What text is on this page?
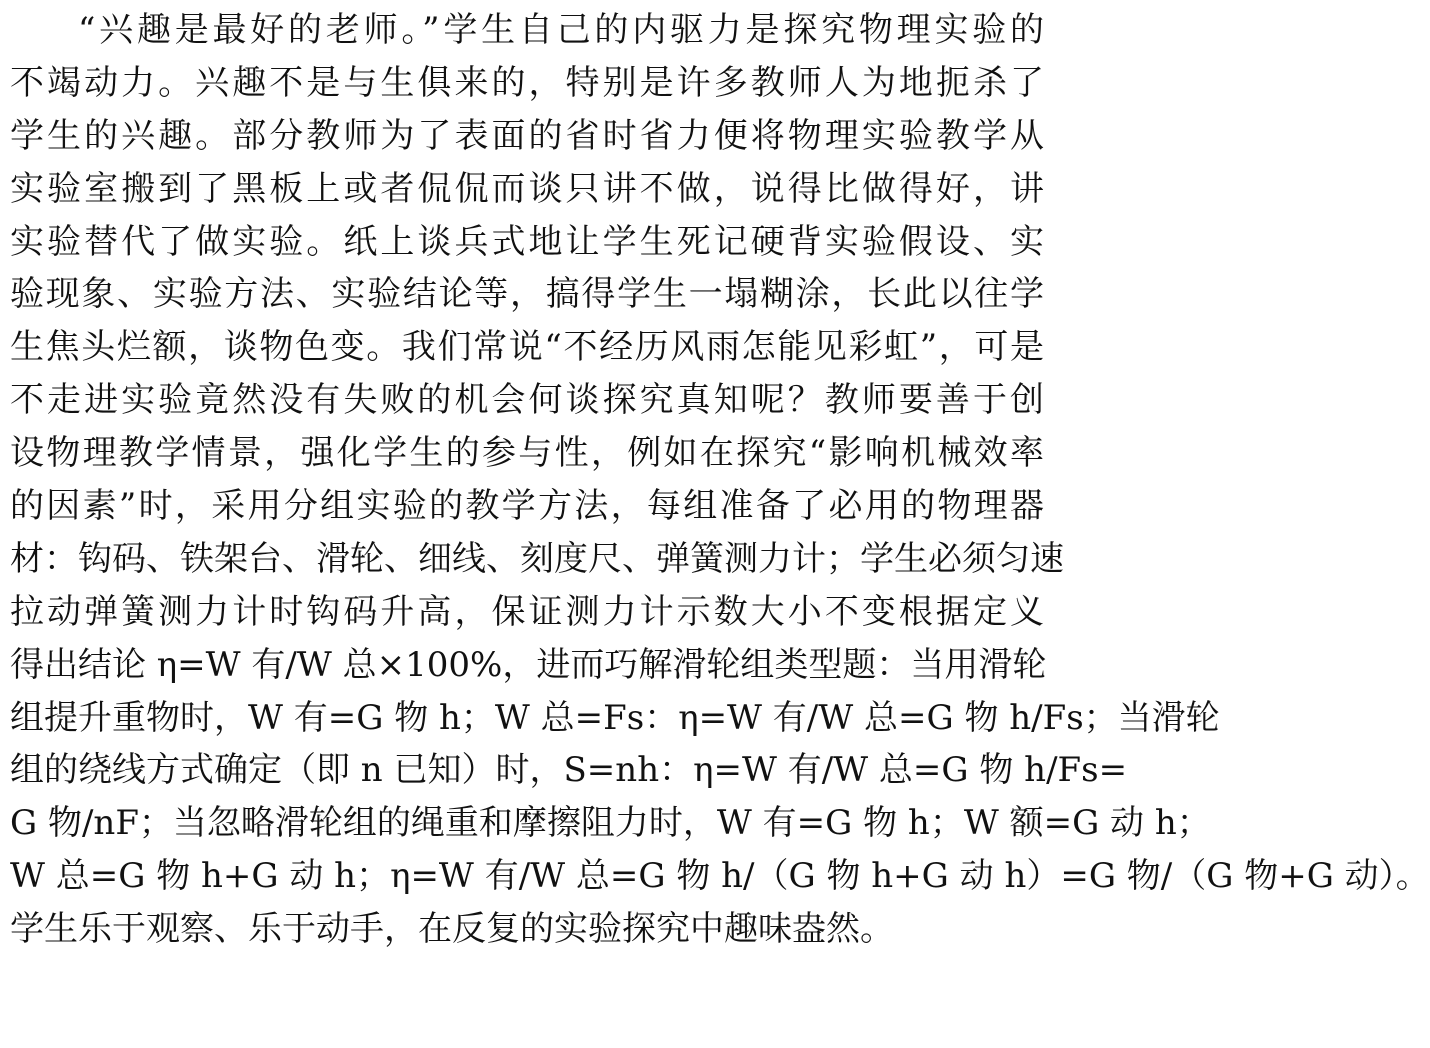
“兴趣是最好的老师。”学生自己的内驱力是探究物理实验的
不竭动力。兴趣不是与生俱来的，特别是许多教师人为地扼杀了
学生的兴趣。部分教师为了表面的省时省力便将物理实验教学从
实验室搬到了黑板上或者侃侃而谈只讲不做，说得比做得好，讲
实验替代了做实验。纸上谈兵式地让学生死记硬背实验假设、实
验现象、实验方法、实验结论等，搞得学生一塌糊涂，长此以往学
生焦头烂额，谈物色变。我们常说“不经历风雨怎能见彩虹”，可是
不走进实验竟然没有失败的机会何谈探究真知呢？教师要善于创
设物理教学情景，强化学生的参与性，例如在探究“影响机械效率
的因素”时，采用分组实验的教学方法，每组准备了必用的物理器
材：钩码、铁架台、滑轮、细线、刻度尺、弹簧测力计；学生必须匀速
拉动弹簧测力计时钩码升高，保证测力计示数大小不变根据定义
得出结论 η=W 有/W 总×100%，进而巧解滑轮组类型题：当用滑轮
组提升重物时，W 有=G 物 h；W 总=Fs：η=W 有/W 总=G 物 h/Fs；当滑轮
组的绕线方式确定（即 n 已知）时，S=nh：η=W 有/W 总=G 物 h/Fs=
G 物/nF；当忽略滑轮组的绳重和摩擦阻力时，W 有=G 物 h；W 额=G 动 h；
W 总=G 物 h+G 动 h；η=W 有/W 总=G 物 h/（G 物 h+G 动 h）=G 物/（G 物+G 动）。
学生乐于观察、乐于动手，在反复的实验探究中趣味盎然。
